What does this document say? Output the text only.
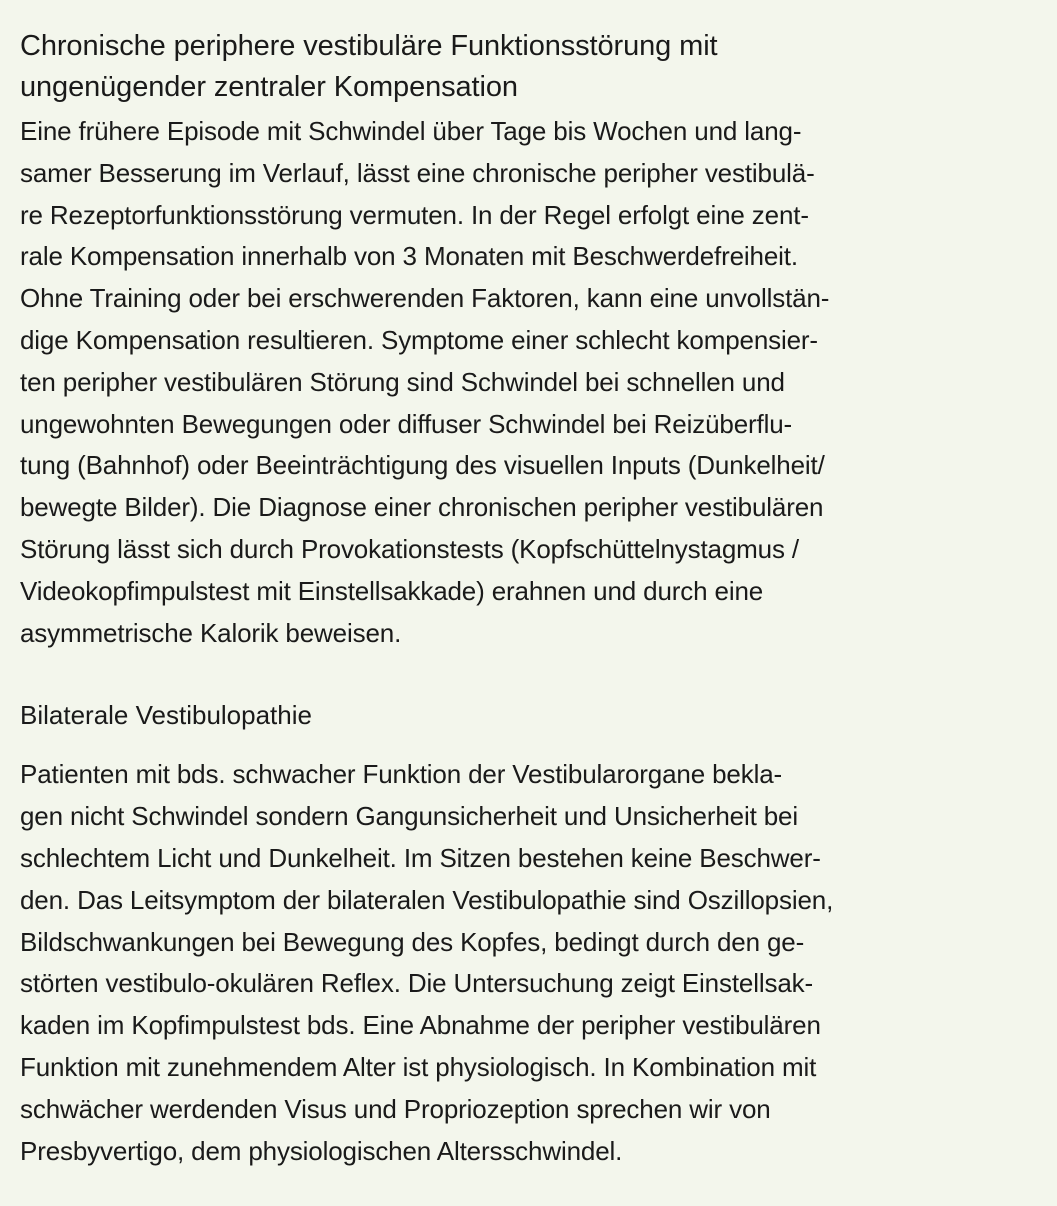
Chronische periphere vestibuläre Funktionsstörung mit
ungenügender zentraler Kompensation

Eine frühere Episode mit Schwindel über Tage bis Wochen und lang-
samer Besserung im Verlauf, lässt eine chronische peripher vestibulä-
re Rezeptorfunktionsstörung vermuten. In der Regel erfolgt eine zent-
rale Kompensation innerhalb von 3 Monaten mit Beschwerdefreiheit.
Ohne Training oder bei erschwerenden Faktoren, kann eine unvollstän-
dige Kompensation resultieren. Symptome einer schlecht kompensier-
ten peripher vestibulären Störung sind Schwindel bei schnellen und
ungewohnten Bewegungen oder diffuser Schwindel bei Reizüberflu-
tung (Bahnhof) oder Beeinträchtigung des visuellen Inputs (Dunkelheit/
bewegte Bilder). Die Diagnose einer chronischen peripher vestibulären
Störung lässt sich durch Provokationstests (Kopfschüttelnystagmus /
Videokopfimpulstest mit Einstellsakkade) erahnen und durch eine
asymmetrische Kalorik beweisen.

Bilaterale Vestibulopathie

Patienten mit bds. schwacher Funktion der Vestibularorgane bekla-
gen nicht Schwindel sondern Gangunsicherheit und Unsicherheit bei
schlechtem Licht und Dunkelheit. Im Sitzen bestehen keine Beschwer-
den. Das Leitsymptom der bilateralen Vestibulopathie sind Oszillopsien,
Bildschwankungen bei Bewegung des Kopfes, bedingt durch den ge-
störten vestibulo-okulären Reflex. Die Untersuchung zeigt Einstellsak-
kaden im Kopfimpulstest bds. Eine Abnahme der peripher vestibulären
Funktion mit zunehmendem Alter ist physiologisch. In Kombination mit
schwächer werdenden Visus und Propriozeption sprechen wir von
Presbyvertigo, dem physiologischen Altersschwindel.
